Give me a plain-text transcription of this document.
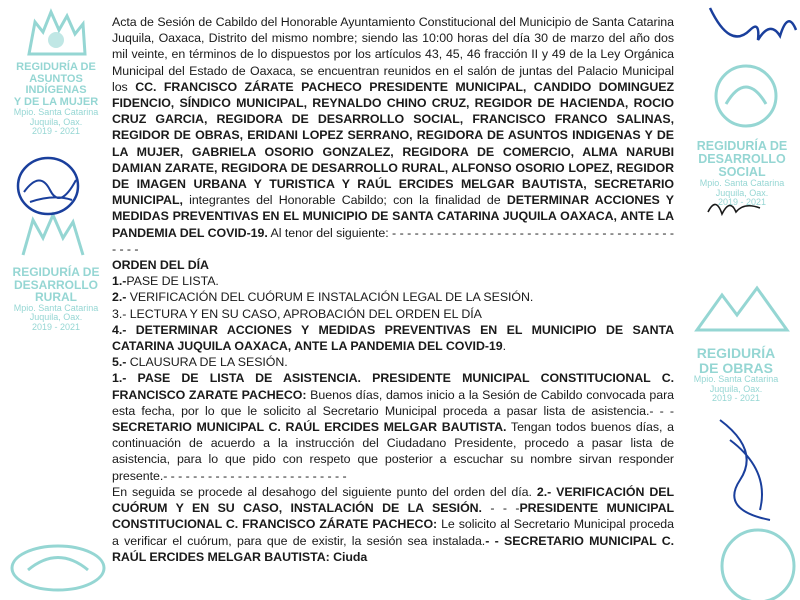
REGIDURÍA DE
ASUNTOS INDÍGENAS
Y DE LA MUJER
Mpio. Santa Catarina
Juquila, Oax.
2019 - 2021
REGIDURÍA DE
DESARROLLO
RURAL
Mpio. Santa Catarina
Juquila, Oax.
2019 - 2021
REGIDURÍA DE
DESARROLLO
SOCIAL
Mpio. Santa Catarina
Juquila, Oax.
2019 - 2021
REGIDURÍA
DE OBRAS
Mpio. Santa Catarina
Juquila, Oax.
2019 - 2021

Acta de Sesión de Cabildo del Honorable Ayuntamiento Constitucional del Municipio de Santa Catarina Juquila, Oaxaca, Distrito del mismo nombre; siendo las 10:00 horas del día 30 de marzo del año dos mil veinte, en términos de lo dispuestos por los artículos 43, 45, 46 fracción II y 49 de la Ley Orgánica Municipal del Estado de Oaxaca, se encuentran reunidos en el salón de juntas del Palacio Municipal los CC. FRANCISCO ZÁRATE PACHECO PRESIDENTE MUNICIPAL, CANDIDO DOMINGUEZ FIDENCIO, SÍNDICO MUNICIPAL, REYNALDO CHINO CRUZ, REGIDOR DE HACIENDA, ROCIO CRUZ GARCIA, REGIDORA DE DESARROLLO SOCIAL, FRANCISCO FRANCO SALINAS, REGIDOR DE OBRAS, ERIDANI LOPEZ SERRANO, REGIDORA DE ASUNTOS INDIGENAS Y DE LA MUJER, GABRIELA OSORIO GONZALEZ, REGIDORA DE COMERCIO, ALMA NARUBI DAMIAN ZARATE, REGIDORA DE DESARROLLO RURAL, ALFONSO OSORIO LOPEZ, REGIDOR DE IMAGEN URBANA Y TURISTICA Y RAÚL ERCIDES MELGAR BAUTISTA, SECRETARIO MUNICIPAL, integrantes del Honorable Cabildo; con la finalidad de DETERMINAR ACCIONES Y MEDIDAS PREVENTIVAS EN EL MUNICIPIO DE SANTA CATARINA JUQUILA OAXACA, ANTE LA PANDEMIA DEL COVID-19. Al tenor del siguiente: - - - - - - - - - - - - - - - - - - - - - - - - - - - - - - - - - - - - - - - - - -

ORDEN DEL DÍA

1.-PASE DE LISTA.

2.- VERIFICACIÓN DEL CUÓRUM E INSTALACIÓN LEGAL DE LA SESIÓN.

3.- LECTURA Y EN SU CASO, APROBACIÓN DEL ORDEN EL DÍA

4.- DETERMINAR ACCIONES Y MEDIDAS PREVENTIVAS EN EL MUNICIPIO DE SANTA CATARINA JUQUILA OAXACA, ANTE LA PANDEMIA DEL COVID-19.

5.- CLAUSURA DE LA SESIÓN.

1.- PASE DE LISTA DE ASISTENCIA. PRESIDENTE MUNICIPAL CONSTITUCIONAL C. FRANCISCO ZARATE PACHECO: Buenos días, damos inicio a la Sesión de Cabildo convocada para esta fecha, por lo que le solicito al Secretario Municipal proceda a pasar lista de asistencia.- - - SECRETARIO MUNICIPAL C. RAÚL ERCIDES MELGAR BAUTISTA. Tengan todos buenos días, a continuación de acuerdo a la instrucción del Ciudadano Presidente, procedo a pasar lista de asistencia, para lo que pido con respeto que posterior a escuchar su nombre sirvan responder presente.- - - - - - - - - - - - - - - - - - - - - - - - -

En seguida se procede al desahogo del siguiente punto del orden del día. 2.- VERIFICACIÓN DEL CUÓRUM Y EN SU CASO, INSTALACIÓN DE LA SESIÓN. - - -PRESIDENTE MUNICIPAL CONSTITUCIONAL C. FRANCISCO ZÁRATE PACHECO: Le solicito al Secretario Municipal proceda a verificar el cuórum, para que de existir, la sesión sea instalada.- - SECRETARIO MUNICIPAL C. RAÚL ERCIDES MELGAR BAUTISTA: Ciuda
